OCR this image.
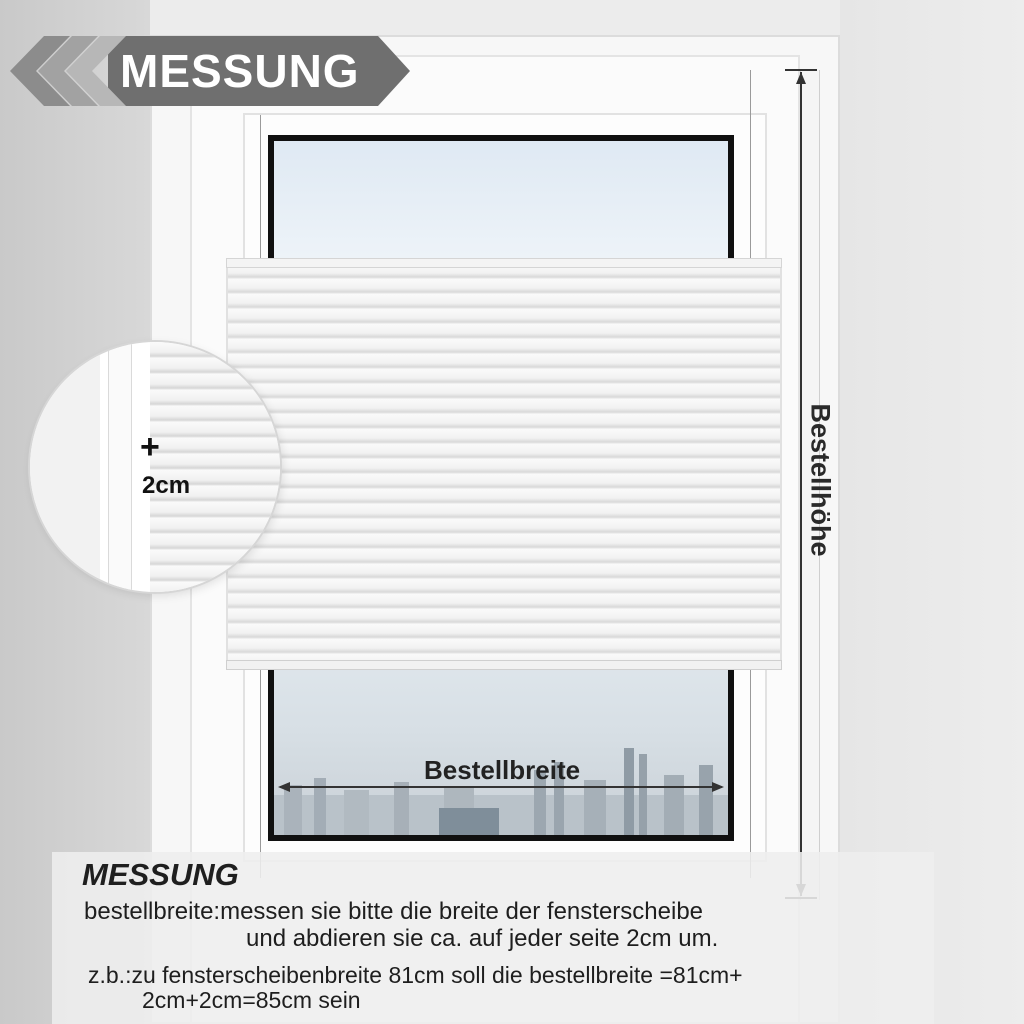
MESSUNG
+
2cm	Bestellhöhe
Bestellbreite
MESSUNG
bestellbreite:messen sie bitte die breite der fensterscheibe
und abdieren sie ca. auf jeder seite 2cm um.
z.b.:zu fensterscheibenbreite 81cm soll die bestellbreite =81cm+
2cm+2cm=85cm sein
